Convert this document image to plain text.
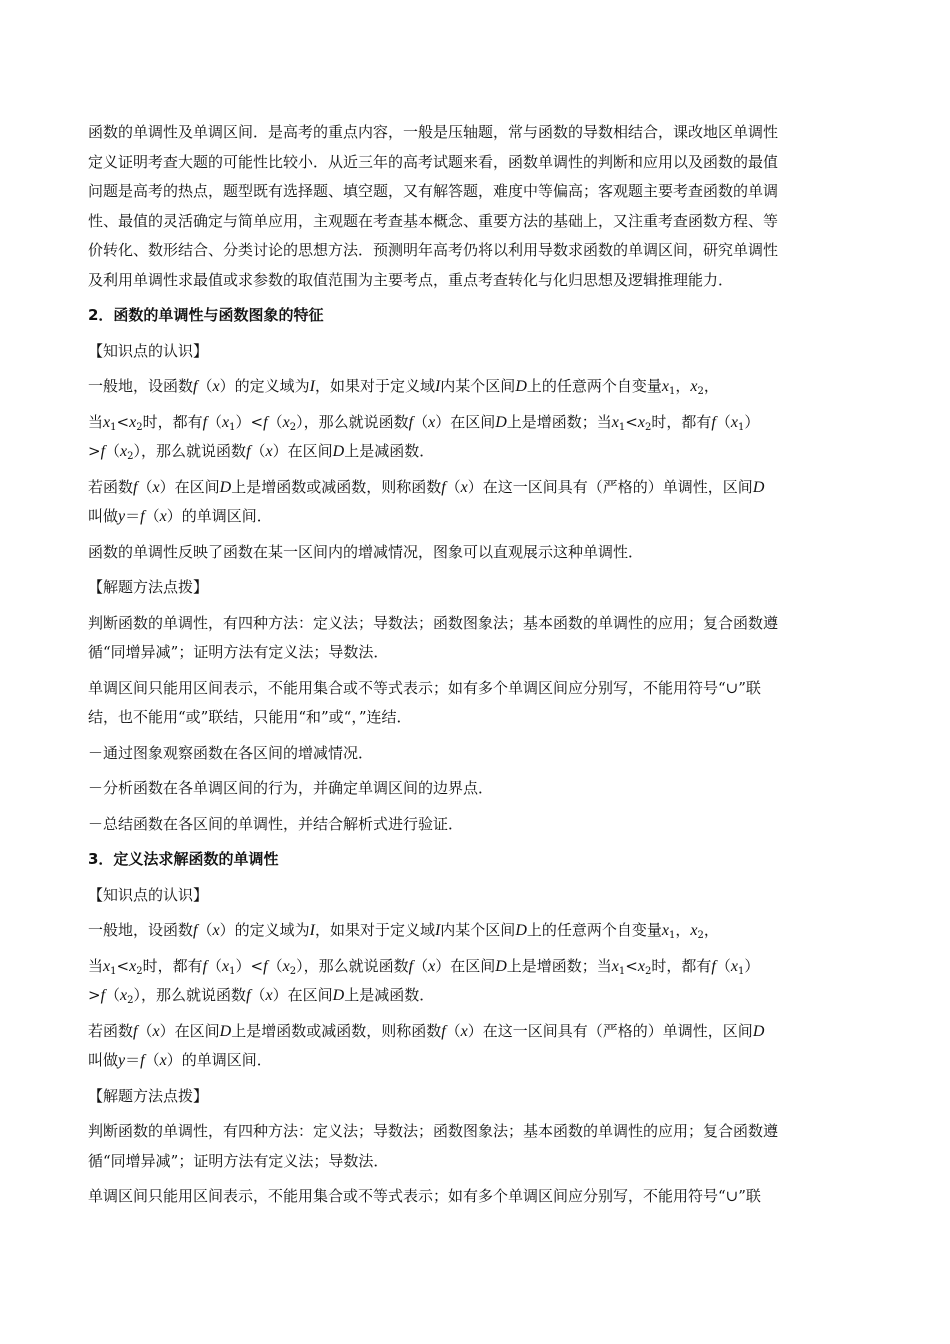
函数的单调性及单调区间．是高考的重点内容，一般是压轴题，常与函数的导数相结合，课改地区单调性
定义证明考查大题的可能性比较小．从近三年的高考试题来看，函数单调性的判断和应用以及函数的最值
问题是高考的热点，题型既有选择题、填空题，又有解答题，难度中等偏高；客观题主要考查函数的单调
性、最值的灵活确定与简单应用，主观题在考查基本概念、重要方法的基础上，又注重考查函数方程、等
价转化、数形结合、分类讨论的思想方法．预测明年高考仍将以利用导数求函数的单调区间，研究单调性
及利用单调性求最值或求参数的取值范围为主要考点，重点考查转化与化归思想及逻辑推理能力．
2．函数的单调性与函数图象的特征
【知识点的认识】
一般地，设函数f（x）的定义域为I，如果对于定义域I内某个区间D上的任意两个自变量$x_1$，$x_2$，
当$x_1<x_2$时，都有$f(x_1)<f(x_2)$，那么就说函数f（x）在区间D上是增函数；当$x_1<x_2$时，都有$f(x_1)$
$>f(x_2)$，那么就说函数f（x）在区间D上是减函数．
若函数f（x）在区间D上是增函数或减函数，则称函数f（x）在这一区间具有（严格的）单调性，区间D
叫做y＝f（x）的单调区间．
函数的单调性反映了函数在某一区间内的增减情况，图象可以直观展示这种单调性．
【解题方法点拨】
判断函数的单调性，有四种方法：定义法；导数法；函数图象法；基本函数的单调性的应用；复合函数遵
循“同增异减”；证明方法有定义法；导数法．
单调区间只能用区间表示，不能用集合或不等式表示；如有多个单调区间应分别写，不能用符号“∪”联
结，也不能用“或”联结，只能用“和”或“，”连结．
－通过图象观察函数在各区间的增减情况．
－分析函数在各单调区间的行为，并确定单调区间的边界点．
－总结函数在各区间的单调性，并结合解析式进行验证．
3．定义法求解函数的单调性
【知识点的认识】
一般地，设函数f（x）的定义域为I，如果对于定义域I内某个区间D上的任意两个自变量$x_1$，$x_2$，
当$x_1<x_2$时，都有$f(x_1)<f(x_2)$，那么就说函数f（x）在区间D上是增函数；当$x_1<x_2$时，都有$f(x_1)$
$>f(x_2)$，那么就说函数f（x）在区间D上是减函数．
若函数f（x）在区间D上是增函数或减函数，则称函数f（x）在这一区间具有（严格的）单调性，区间D
叫做y＝f（x）的单调区间．
【解题方法点拨】
判断函数的单调性，有四种方法：定义法；导数法；函数图象法；基本函数的单调性的应用；复合函数遵
循“同增异减”；证明方法有定义法；导数法．
单调区间只能用区间表示，不能用集合或不等式表示；如有多个单调区间应分别写，不能用符号“∪”联
